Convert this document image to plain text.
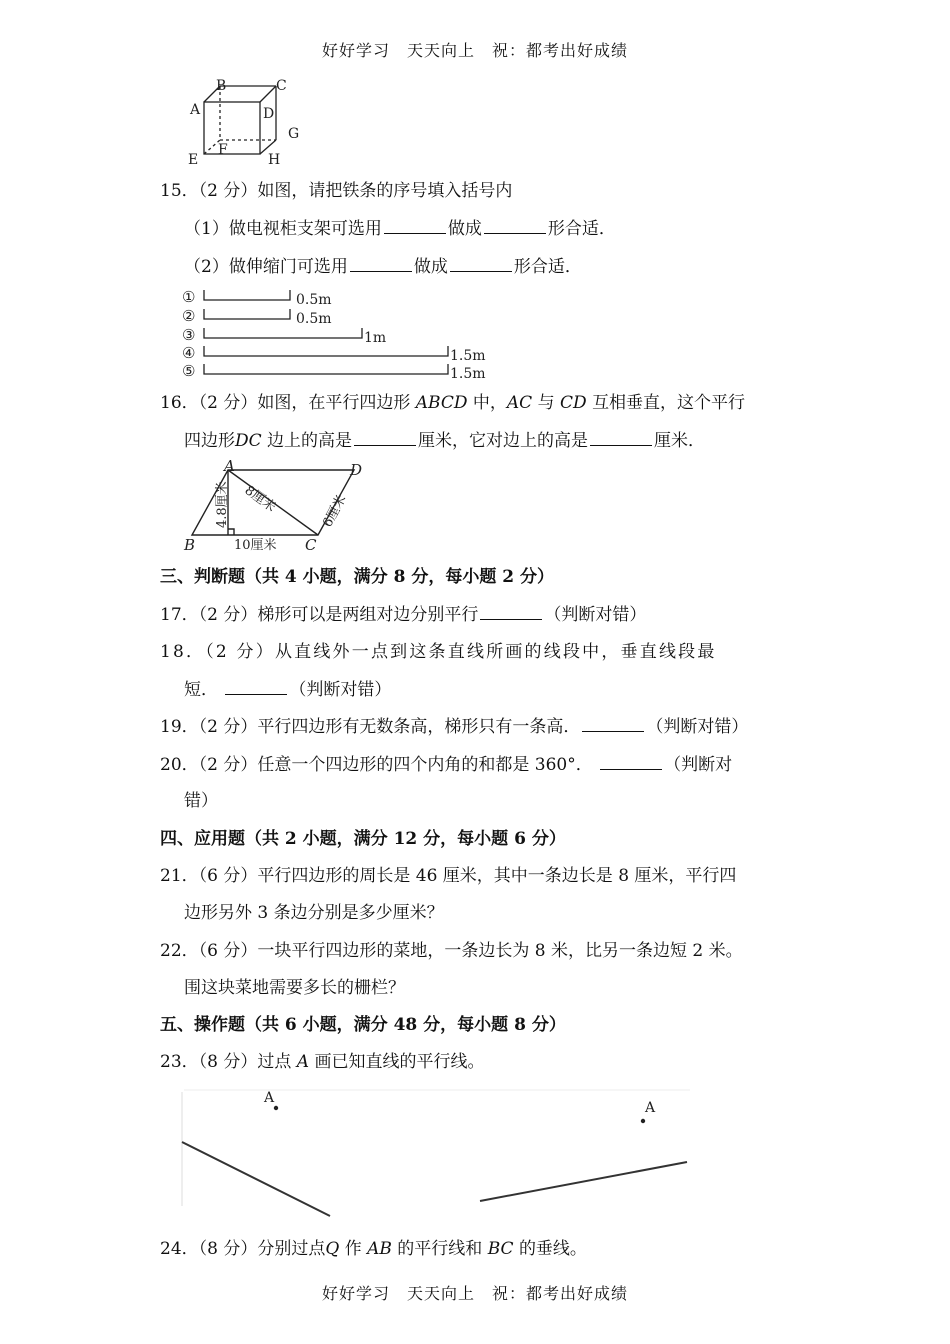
好好学习　天天向上　祝：都考出好成绩
A
B	C
D
E
F
G
H
15．（2 分）如图，请把铁条的序号填入括号内
（1）做电视柜支架可选用	做成	形合适．
（2）做伸缩门可选用	做成	形合适．
①
②
③
④
⑤
0.5m
0.5m
1m
1.5m
1.5m
16．（2 分）如图，在平行四边形 ABCD 中，AC 与 CD 互相垂直，这个平行
四边形DC 边上的高是	厘米，它对边上的高是	厘米．
A
B	C
D
4.8厘米 8厘米	6厘米
10厘米
三、判断题（共 4 小题，满分 8 分，每小题 2 分）
17．（2 分）梯形可以是两组对边分别平行	（判断对错）
18．（2 分）从直线外一点到这条直线所画的线段中，垂直线段最
短．	（判断对错）
19．（2 分）平行四边形有无数条高，梯形只有一条高．	（判断对错）
20．（2 分）任意一个四边形的四个内角的和都是 360°．	（判断对
错）
四、应用题（共 2 小题，满分 12 分，每小题 6 分）
21．（6 分）平行四边形的周长是 46 厘米，其中一条边长是 8 厘米，平行四
边形另外 3 条边分别是多少厘米？
22．（6 分）一块平行四边形的菜地，一条边长为 8 米，比另一条边短 2 米。
围这块菜地需要多长的栅栏？
五、操作题（共 6 小题，满分 48 分，每小题 8 分）
23．（8 分）过点 A 画已知直线的平行线。
A
A
24．（8 分）分别过点Q 作 AB 的平行线和 BC 的垂线。
好好学习　天天向上　祝：都考出好成绩
